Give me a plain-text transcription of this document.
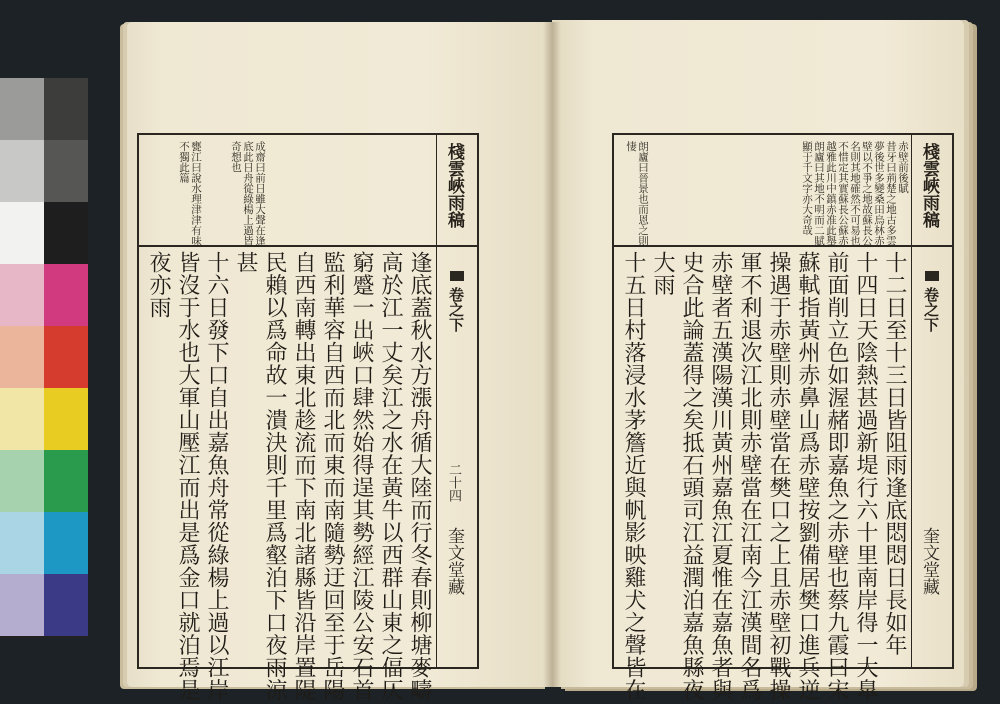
棧雲峽雨稿
卷之下
二十四
奎文堂藏
成齋曰前日雖大聲在逢
底此日舟從綠楊上過皆
奇想也
甕江曰說水理津津有味
不獨此篇
逢底蓋秋水方漲舟循大陸而行冬春則柳塘麥疇
高於江一丈矣江之水在黃牛以西群山東之偪仄
窮蹙一出峽口肆然始得逞其勢經江陵公安石首
監利華容自西而北而東而南隨勢迂回至于岳陽
自西南轉出東北趁流而下南北諸縣皆沿岸置隄
民賴以爲命故一潰決則千里爲壑泊下口夜雨涼
甚
十六日發下口自出嘉魚舟常從綠楊上過以江岸
皆沒于水也大軍山壓江而出是爲金口就泊焉是
夜亦雨
棧雲峽雨稿
卷之下
奎文堂藏
赤壁前後賦
昔牙曰荊楚之地古多雲
夢後世多變桑田烏林赤
壁以不爭之地故蘇長公
名則其地確然不可易也
不惜定其實蘇長公蘇赤
越雅此川中鎮赤准此舉
朗廬曰其地不明而二賦
顯于千文字亦大奇哉
朗廬曰晉景也而恩之則
悽
十二日至十三日皆阻雨逢底悶悶日長如年
十四日天陰熱甚過新堤行六十里南岸得一大臯
前面削立色如渥赭即嘉魚之赤壁也蔡九霞曰宋
蘇軾指黃州赤鼻山爲赤壁按劉備居樊口進兵逆
操遇于赤壁則赤壁當在樊口之上且赤壁初戰操
軍不利退次江北則赤壁當在江南今江漢間名爲
赤壁者五漢陽漢川黃州嘉魚江夏惟在嘉魚者與
史合此論蓋得之矣抵石頭司江益潤泊嘉魚縣夜
大雨
十五日村落浸水茅簷近與帆影映雞犬之聲皆在
